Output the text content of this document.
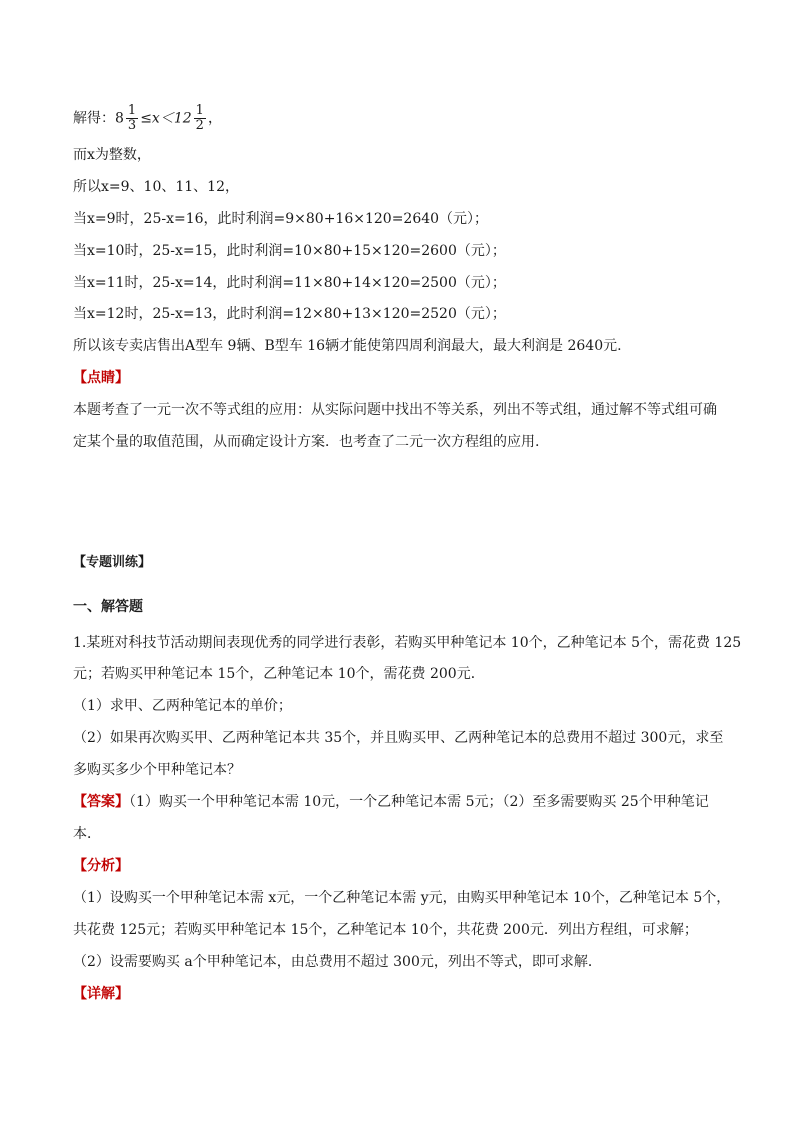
解得：$8 \frac{1}{3} \le x<12 \frac{1}{2}$ ，
而x为整数，
所以x=9、10、11、12，
当x=9时，25-x=16，此时利润=9×80+16×120=2640（元）；
当x=10时，25-x=15，此时利润=10×80+15×120=2600（元）；
当x=11时，25-x=14，此时利润=11×80+14×120=2500（元）；
当x=12时，25-x=13，此时利润=12×80+13×120=2520（元）；
所以该专卖店售出A型车 9辆、B型车 16辆才能使第四周利润最大，最大利润是 2640元.
【点睛】
本题考查了一元一次不等式组的应用：从实际问题中找出不等关系，列出不等式组，通过解不等式组可确
定某个量的取值范围，从而确定设计方案．也考查了二元一次方程组的应用.
【专题训练】
一、解答题
1.某班对科技节活动期间表现优秀的同学进行表彰，若购买甲种笔记本 10个，乙种笔记本 5个，需花费 125
元；若购买甲种笔记本 15个，乙种笔记本 10个，需花费 200元．
（1）求甲、乙两种笔记本的单价；
（2）如果再次购买甲、乙两种笔记本共 35个，并且购买甲、乙两种笔记本的总费用不超过 300元，求至
多购买多少个甲种笔记本？
【答案】（1）购买一个甲种笔记本需 10元，一个乙种笔记本需 5元；（2）至多需要购买 25个甲种笔记
本．
【分析】
（1）设购买一个甲种笔记本需 x元，一个乙种笔记本需 y元，由购买甲种笔记本 10个，乙种笔记本 5个，
共花费 125元；若购买甲种笔记本 15个，乙种笔记本 10个，共花费 200元．列出方程组，可求解；
（2）设需要购买 a个甲种笔记本，由总费用不超过 300元，列出不等式，即可求解．
【详解】
